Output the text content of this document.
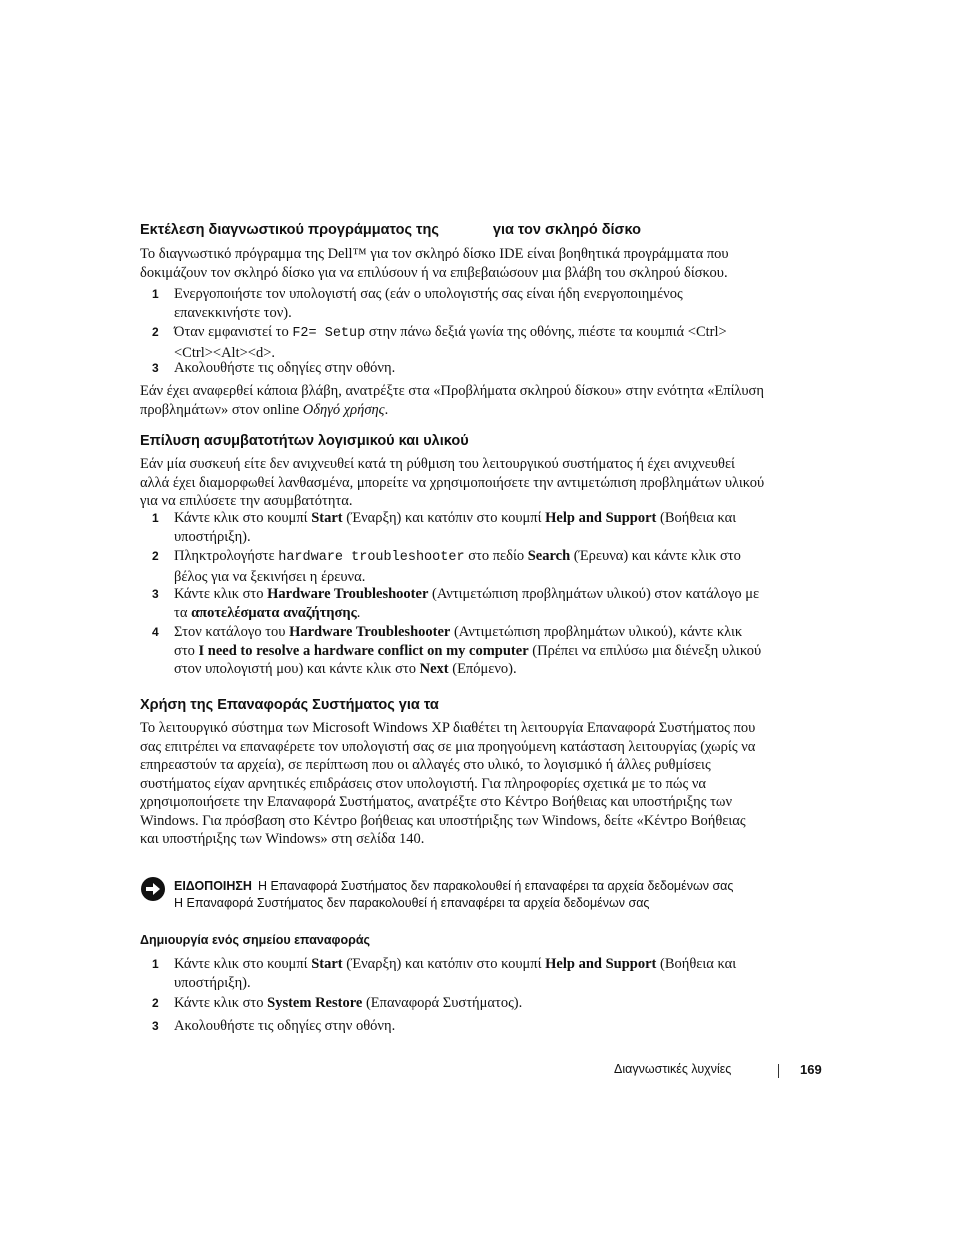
Εκτέλεση διαγνωστικού προγράμματος της	για τον σκληρό δίσκο
Το διαγνωστικό πρόγραμμα της Dell™ για τον σκληρό δίσκο IDE είναι βοηθητικά προγράμματα που δοκιμάζουν τον σκληρό δίσκο για να επιλύσουν ή να επιβεβαιώσουν μια βλάβη του σκληρού δίσκου.
1 Ενεργοποιήστε τον υπολογιστή σας (εάν ο υπολογιστής σας είναι ήδη ενεργοποιημένος επανεκκινήστε τον).
2 Όταν εμφανιστεί το F2= Setup στην πάνω δεξιά γωνία της οθόνης, πιέστε τα κουμπιά <Ctrl><Ctrl><Alt><d>.
3 Ακολουθήστε τις οδηγίες στην οθόνη.
Εάν έχει αναφερθεί κάποια βλάβη, ανατρέξτε στα «Προβλήματα σκληρού δίσκου» στην ενότητα «Επίλυση προβλημάτων» στον online Οδηγό χρήσης.
Επίλυση ασυμβατοτήτων λογισμικού και υλικού
Εάν μία συσκευή είτε δεν ανιχνευθεί κατά τη ρύθμιση του λειτουργικού συστήματος ή έχει ανιχνευθεί αλλά έχει διαμορφωθεί λανθασμένα, μπορείτε να χρησιμοποιήσετε την αντιμετώπιση προβλημάτων υλικού για να επιλύσετε την ασυμβατότητα.
1 Κάντε κλικ στο κουμπί Start (Έναρξη) και κατόπιν στο κουμπί Help and Support (Βοήθεια και υποστήριξη).
2 Πληκτρολογήστε hardware troubleshooter στο πεδίο Search (Έρευνα) και κάντε κλικ στο βέλος για να ξεκινήσει η έρευνα.
3 Κάντε κλικ στο Hardware Troubleshooter (Αντιμετώπιση προβλημάτων υλικού) στον κατάλογο με τα αποτελέσματα αναζήτησης.
4 Στον κατάλογο του Hardware Troubleshooter (Αντιμετώπιση προβλημάτων υλικού), κάντε κλικ στο I need to resolve a hardware conflict on my computer (Πρέπει να επιλύσω μια διένεξη υλικού στον υπολογιστή μου) και κάντε κλικ στο Next (Επόμενο).
Χρήση της Επαναφοράς Συστήματος για τα
Το λειτουργικό σύστημα των Microsoft Windows XP διαθέτει τη λειτουργία Επαναφορά Συστήματος που σας επιτρέπει να επαναφέρετε τον υπολογιστή σας σε μια προηγούμενη κατάσταση λειτουργίας (χωρίς να επηρεαστούν τα αρχεία), σε περίπτωση που οι αλλαγές στο υλικό, το λογισμικό ή άλλες ρυθμίσεις συστήματος είχαν αρνητικές επιδράσεις στον υπολογιστή. Για πληροφορίες σχετικά με το πώς να χρησιμοποιήσετε την Επαναφορά Συστήματος, ανατρέξτε στο Κέντρο Βοήθειας και υποστήριξης των Windows. Για πρόσβαση στο Κέντρο βοήθειας και υποστήριξης των Windows, δείτε «Κέντρο Βοήθειας και υποστήριξης των Windows» στη σελίδα 140.
ΕΙΔΟΠΟΙΗΣΗ Η Επαναφορά Συστήματος δεν παρακολουθεί ή επαναφέρει τα αρχεία δεδομένων σας
Η Επαναφορά Συστήματος δεν παρακολουθεί ή επαναφέρει τα αρχεία δεδομένων σας
Δημιουργία ενός σημείου επαναφοράς
1 Κάντε κλικ στο κουμπί Start (Έναρξη) και κατόπιν στο κουμπί Help and Support (Βοήθεια και υποστήριξη).
2 Κάντε κλικ στο System Restore (Επαναφορά Συστήματος).
3 Ακολουθήστε τις οδηγίες στην οθόνη.
Διαγνωστικές λυχνίες	169
